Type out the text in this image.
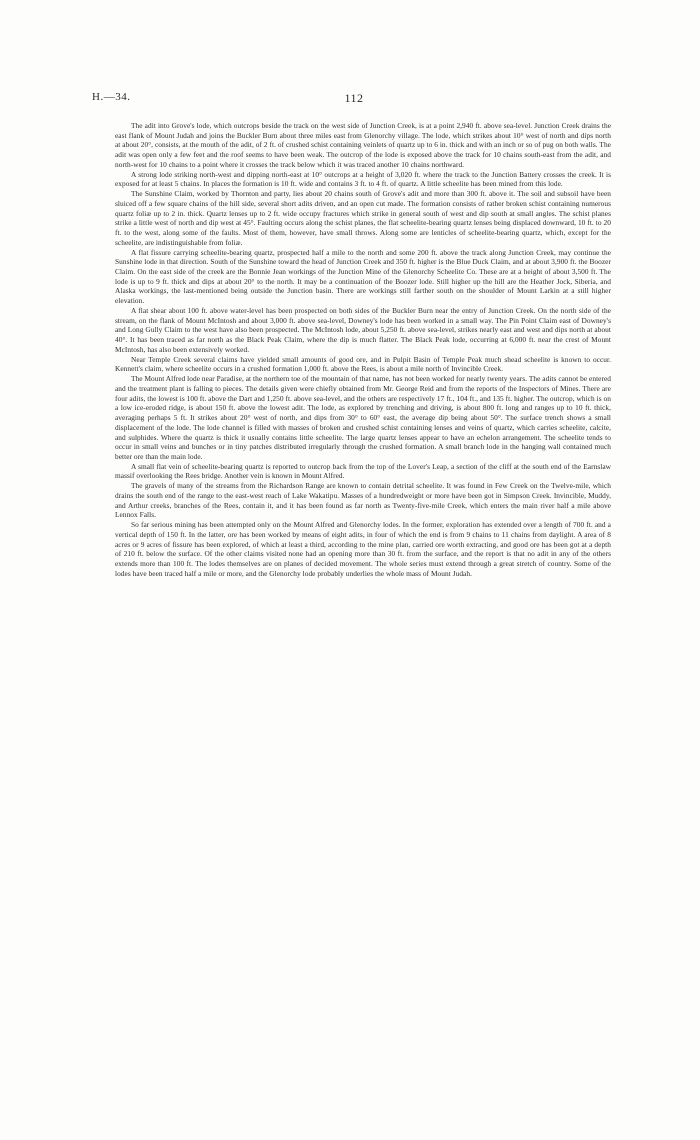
H.—34.	112

The adit into Grove's lode, which outcrops beside the track on the west side of Junction Creek, is at a point 2,940 ft. above sea-level. Junction Creek drains the east flank of Mount Judah and joins the Buckler Burn about three miles east from Glenorchy village. The lode, which strikes about 10° west of north and dips north at about 20°, consists, at the mouth of the adit, of 2 ft. of crushed schist containing veinlets of quartz up to 6 in. thick and with an inch or so of pug on both walls. The adit was open only a few feet and the roof seems to have been weak. The outcrop of the lode is exposed above the track for 10 chains south-east from the adit, and north-west for 10 chains to a point where it crosses the track below which it was traced another 10 chains northward.

A strong lode striking north-west and dipping north-east at 10° outcrops at a height of 3,020 ft. where the track to the Junction Battery crosses the creek. It is exposed for at least 5 chains. In places the formation is 10 ft. wide and contains 3 ft. to 4 ft. of quartz. A little scheelite has been mined from this lode.

The Sunshine Claim, worked by Thornton and party, lies about 20 chains south of Grove's adit and more than 300 ft. above it. The soil and subsoil have been sluiced off a few square chains of the hill side, several short adits driven, and an open cut made. The formation consists of rather broken schist containing numerous quartz foliæ up to 2 in. thick. Quartz lenses up to 2 ft. wide occupy fractures which strike in general south of west and dip south at small angles. The schist planes strike a little west of north and dip west at 45°. Faulting occurs along the schist planes, the flat scheelite-bearing quartz lenses being displaced downward, 10 ft. to 20 ft. to the west, along some of the faults. Most of them, however, have small throws. Along some are lenticles of scheelite-bearing quartz, which, except for the scheelite, are indistinguishable from foliæ.

A flat fissure carrying scheelite-bearing quartz, prospected half a mile to the north and some 200 ft. above the track along Junction Creek, may continue the Sunshine lode in that direction. South of the Sunshine toward the head of Junction Creek and 350 ft. higher is the Blue Duck Claim, and at about 3,900 ft. the Boozer Claim. On the east side of the creek are the Bonnie Jean workings of the Junction Mine of the Glenorchy Scheelite Co. These are at a height of about 3,500 ft. The lode is up to 9 ft. thick and dips at about 20° to the north. It may be a continuation of the Boozer lode. Still higher up the hill are the Heather Jock, Siberia, and Alaska workings, the last-mentioned being outside the Junction basin. There are workings still farther south on the shoulder of Mount Larkin at a still higher elevation.

A flat shear about 100 ft. above water-level has been prospected on both sides of the Buckler Burn near the entry of Junction Creek. On the north side of the stream, on the flank of Mount McIntosh and about 3,000 ft. above sea-level, Downey's lode has been worked in a small way. The Pin Point Claim east of Downey's and Long Gully Claim to the west have also been prospected. The McIntosh lode, about 5,250 ft. above sea-level, strikes nearly east and west and dips north at about 40°. It has been traced as far north as the Black Peak Claim, where the dip is much flatter. The Black Peak lode, occurring at 6,000 ft. near the crest of Mount McIntosh, has also been extensively worked.

Near Temple Creek several claims have yielded small amounts of good ore, and in Pulpit Basin of Temple Peak much shead scheelite is known to occur. Kennett's claim, where scheelite occurs in a crushed formation 1,000 ft. above the Rees, is about a mile north of Invincible Creek.

The Mount Alfred lode near Paradise, at the northern toe of the mountain of that name, has not been worked for nearly twenty years. The adits cannot be entered and the treatment plant is falling to pieces. The details given were chiefly obtained from Mr. George Reid and from the reports of the Inspectors of Mines. There are four adits, the lowest is 100 ft. above the Dart and 1,250 ft. above sea-level, and the others are respectively 17 ft., 104 ft., and 135 ft. higher. The outcrop, which is on a low ice-eroded ridge, is about 150 ft. above the lowest adit. The lode, as explored by trenching and driving, is about 800 ft. long and ranges up to 10 ft. thick, averaging perhaps 5 ft. It strikes about 20° west of north, and dips from 30° to 60° east, the average dip being about 50°. The surface trench shows a small displacement of the lode. The lode channel is filled with masses of broken and crushed schist containing lenses and veins of quartz, which carries scheelite, calcite, and sulphides. Where the quartz is thick it usually contains little scheelite. The large quartz lenses appear to have an echelon arrangement. The scheelite tends to occur in small veins and bunches or in tiny patches distributed irregularly through the crushed formation. A small branch lode in the hanging wall contained much better ore than the main lode.

A small flat vein of scheelite-bearing quartz is reported to outcrop back from the top of the Lover's Leap, a section of the cliff at the south end of the Earnslaw massif overlooking the Rees bridge. Another vein is known in Mount Alfred.

The gravels of many of the streams from the Richardson Range are known to contain detrital scheelite. It was found in Few Creek on the Twelve-mile, which drains the south end of the range to the east-west reach of Lake Wakatipu. Masses of a hundredweight or more have been got in Simpson Creek. Invincible, Muddy, and Arthur creeks, branches of the Rees, contain it, and it has been found as far north as Twenty-five-mile Creek, which enters the main river half a mile above Lennox Falls.

So far serious mining has been attempted only on the Mount Alfred and Glenorchy lodes. In the former, exploration has extended over a length of 700 ft. and a vertical depth of 150 ft. In the latter, ore has been worked by means of eight adits, in four of which the end is from 9 chains to 11 chains from daylight. A area of 8 acres or 9 acres of fissure has been explored, of which at least a third, according to the mine plan, carried ore worth extracting, and good ore has been got at a depth of 210 ft. below the surface. Of the other claims visited none had an opening more than 30 ft. from the surface, and the report is that no adit in any of the others extends more than 100 ft. The lodes themselves are on planes of decided movement. The whole series must extend through a great stretch of country. Some of the lodes have been traced half a mile or more, and the Glenorchy lode probably underlies the whole mass of Mount Judah.
